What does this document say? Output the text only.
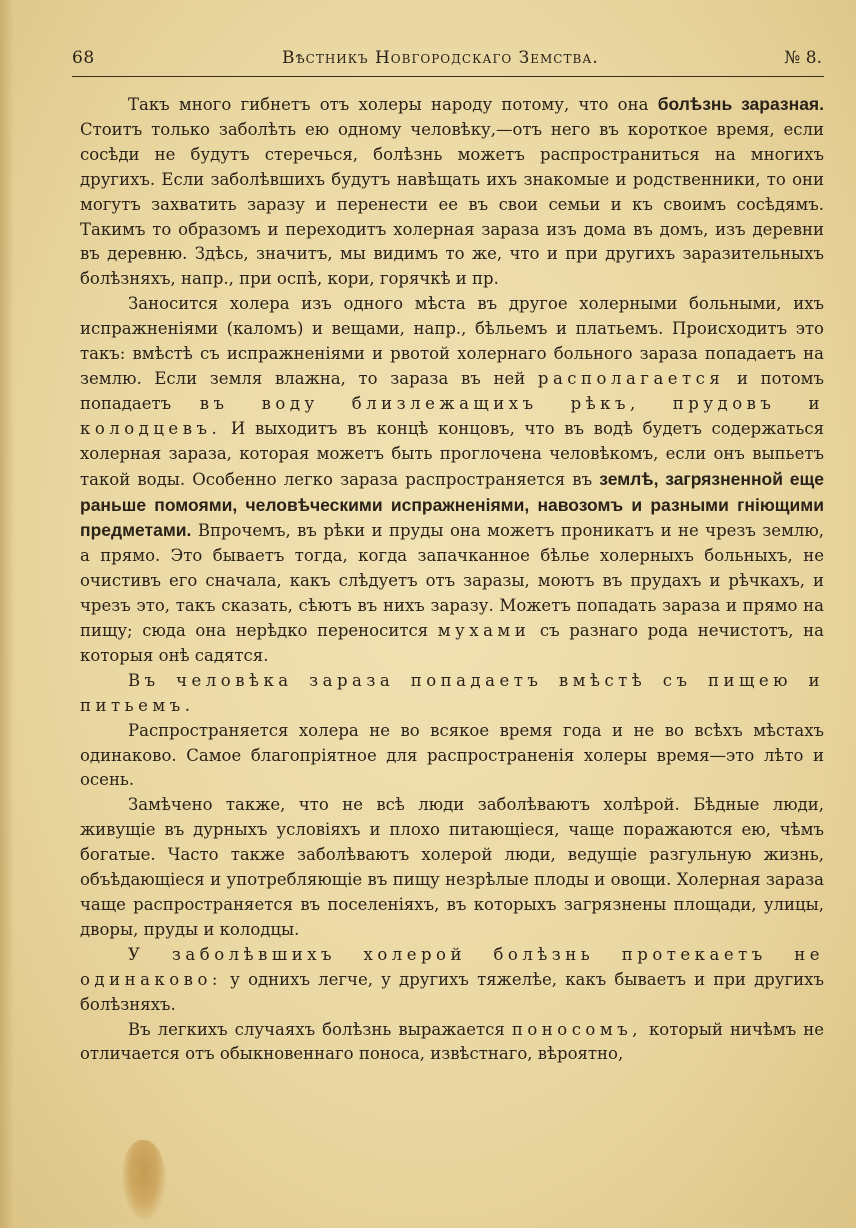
68	Вѣстникъ Новгородскаго Земства.	№ 8.

Такъ много гибнетъ отъ холеры народу потому, что она болѣзнь заразная. Стоитъ только заболѣть ею одному человѣку,—отъ него въ короткое время, если сосѣди не будутъ стеречься, болѣзнь можетъ распространиться на многихъ другихъ. Если заболѣвшихъ будутъ навѣщать ихъ знакомые и родственники, то они могутъ захватить заразу и перенести ее въ свои семьи и къ своимъ сосѣдямъ. Такимъ то образомъ и переходитъ холерная зараза изъ дома въ домъ, изъ деревни въ деревню. Здѣсь, значитъ, мы видимъ то же, что и при другихъ заразительныхъ болѣзняхъ, напр., при оспѣ, кори, горячкѣ и пр.

Заносится холера изъ одного мѣста въ другое холерными больными, ихъ испражненіями (каломъ) и вещами, напр., бѣльемъ и платьемъ. Происходитъ это такъ: вмѣстѣ съ испражненіями и рвотой холернаго больного зараза попадаетъ на землю. Если земля влажна, то зараза въ ней располагается и потомъ попадаетъ въ воду близлежащихъ рѣкъ, прудовъ и колодцевъ. И выходитъ въ концѣ концовъ, что въ водѣ будетъ содержаться холерная зараза, которая можетъ быть проглочена человѣкомъ, если онъ выпьетъ такой воды. Особенно легко зараза распространяется въ землѣ, загрязненной еще раньше помоями, человѣческими испражненіями, навозомъ и разными гніющими предметами. Впрочемъ, въ рѣки и пруды она можетъ проникатъ и не чрезъ землю, а прямо. Это бываетъ тогда, когда запачканное бѣлье холерныхъ больныхъ, не очистивъ его сначала, какъ слѣдуетъ отъ заразы, моютъ въ прудахъ и рѣчкахъ, и чрезъ это, такъ сказать, сѣютъ въ нихъ заразу. Можетъ попадать зараза и прямо на пищу; сюда она нерѣдко переносится мухами съ разнаго рода нечистотъ, на которыя онѣ садятся.

Въ человѣка зараза попадаетъ вмѣстѣ съ пищею и питьемъ.

Распространяется холера не во всякое время года и не во всѣхъ мѣстахъ одинаково. Самое благопріятное для распространенія холеры время—это лѣто и осень.

Замѣчено также, что не всѣ люди заболѣваютъ холѣрой. Бѣдные люди, живущіе въ дурныхъ условіяхъ и плохо питающіеся, чаще поражаются ею, чѣмъ богатые. Часто также заболѣваютъ холерой люди, ведущіе разгульную жизнь, объѣдающіеся и употребляющіе въ пищу незрѣлые плоды и овощи. Холерная зараза чаще распространяется въ поселеніяхъ, въ которыхъ загрязнены площади, улицы, дворы, пруды и колодцы.

У заболѣвшихъ холерой болѣзнь протекаетъ не одинаково: у однихъ легче, у другихъ тяжелѣе, какъ бываетъ и при другихъ болѣзняхъ.

Въ легкихъ случаяхъ болѣзнь выражается поносомъ, который ничѣмъ не отличается отъ обыкновеннаго поноса, извѣстнаго, вѣроятно,
